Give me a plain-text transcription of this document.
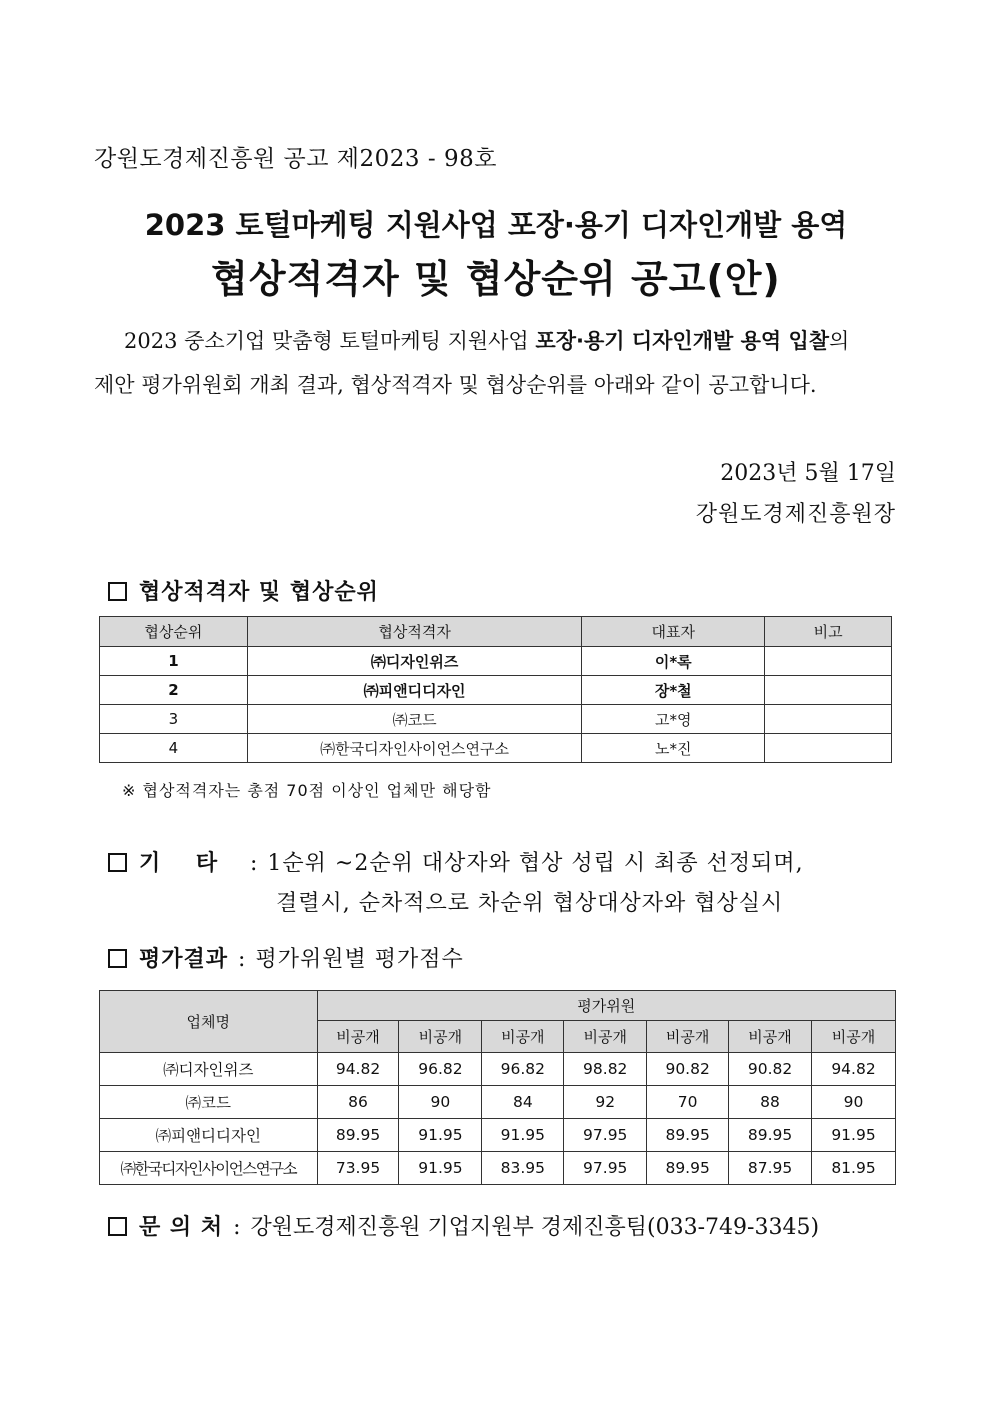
강원도경제진흥원 공고 제2023 - 98호
2023 토털마케팅 지원사업 포장·용기 디자인개발 용역
협상적격자 및 협상순위 공고(안)
2023 중소기업 맞춤형 토털마케팅 지원사업 포장·용기 디자인개발 용역 입찰의
제안 평가위원회 개최 결과, 협상적격자 및 협상순위를 아래와 같이 공고합니다.
2023년 5월 17일
강원도경제진흥원장
협상적격자 및 협상순위
협상순위	협상적격자	대표자	비고
1	㈜디자인위즈	이*록	
2	㈜피앤디디자인	장*철	
3	㈜코드	고*영	
4	㈜한국디자인사이언스연구소	노*진	
※ 협상적격자는 총점 70점 이상인 업체만 해당함
기    타 : 1순위 ~2순위 대상자와 협상 성립 시 최종 선정되며,
결렬시, 순차적으로 차순위 협상대상자와 협상실시
평가결과 : 평가위원별 평가점수
업체명	평가위원						
	비공개	비공개	비공개	비공개	비공개	비공개	비공개
㈜디자인위즈	94.82	96.82	96.82	98.82	90.82	90.82	94.82
㈜코드	86	90	84	92	70	88	90
㈜피앤디디자인	89.95	91.95	91.95	97.95	89.95	89.95	91.95
㈜한국디자인사이언스연구소	73.95	91.95	83.95	97.95	89.95	87.95	81.95
문 의 처 : 강원도경제진흥원 기업지원부 경제진흥팀(033-749-3345)
